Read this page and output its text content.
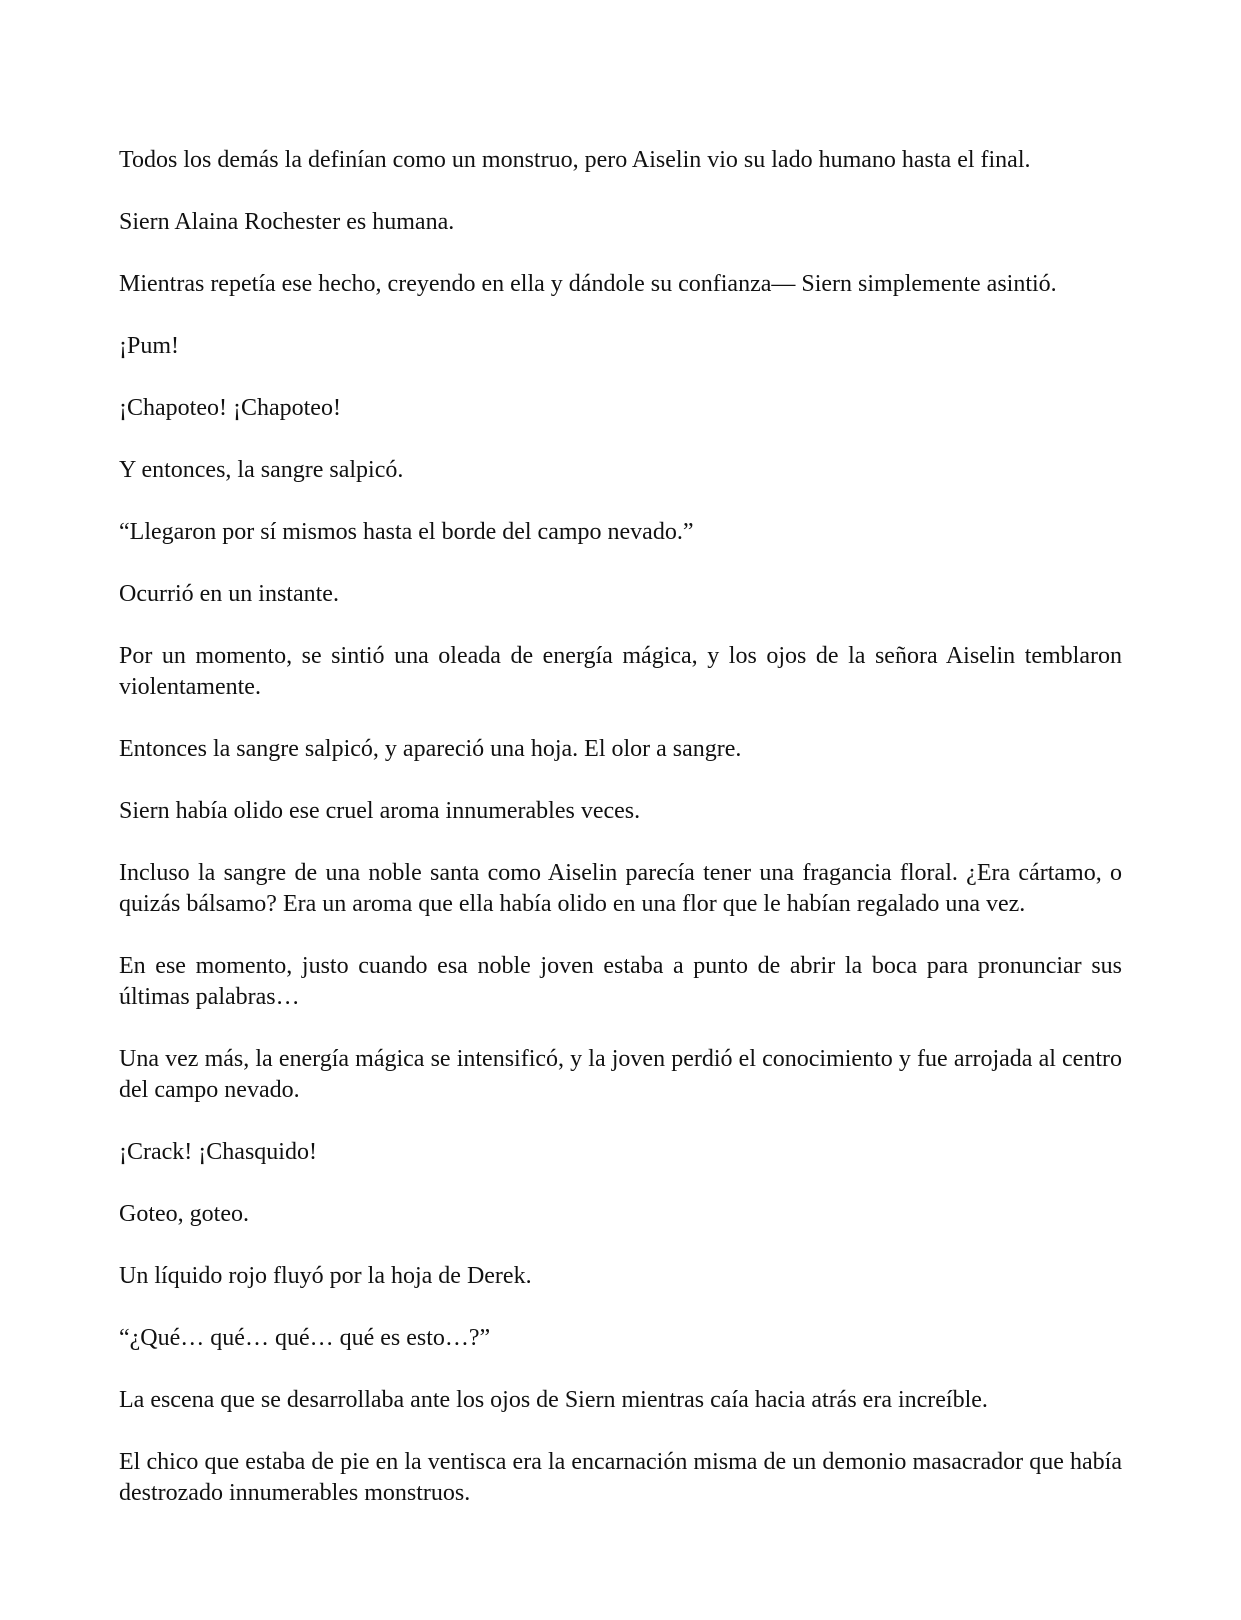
Todos los demás la definían como un monstruo, pero Aiselin vio su lado humano hasta el final.

Siern Alaina Rochester es humana.

Mientras repetía ese hecho, creyendo en ella y dándole su confianza— Siern simplemente asintió.

¡Pum!

¡Chapoteo! ¡Chapoteo!

Y entonces, la sangre salpicó.

“Llegaron por sí mismos hasta el borde del campo nevado.”

Ocurrió en un instante.

Por un momento, se sintió una oleada de energía mágica, y los ojos de la señora Aiselin temblaron violentamente.

Entonces la sangre salpicó, y apareció una hoja. El olor a sangre.

Siern había olido ese cruel aroma innumerables veces.

Incluso la sangre de una noble santa como Aiselin parecía tener una fragancia floral. ¿Era cártamo, o quizás bálsamo? Era un aroma que ella había olido en una flor que le habían regalado una vez.

En ese momento, justo cuando esa noble joven estaba a punto de abrir la boca para pronunciar sus últimas palabras…

Una vez más, la energía mágica se intensificó, y la joven perdió el conocimiento y fue arrojada al centro del campo nevado.

¡Crack! ¡Chasquido!

Goteo, goteo.

Un líquido rojo fluyó por la hoja de Derek.

“¿Qué… qué… qué… qué es esto…?”

La escena que se desarrollaba ante los ojos de Siern mientras caía hacia atrás era increíble.

El chico que estaba de pie en la ventisca era la encarnación misma de un demonio masacrador que había destrozado innumerables monstruos.
